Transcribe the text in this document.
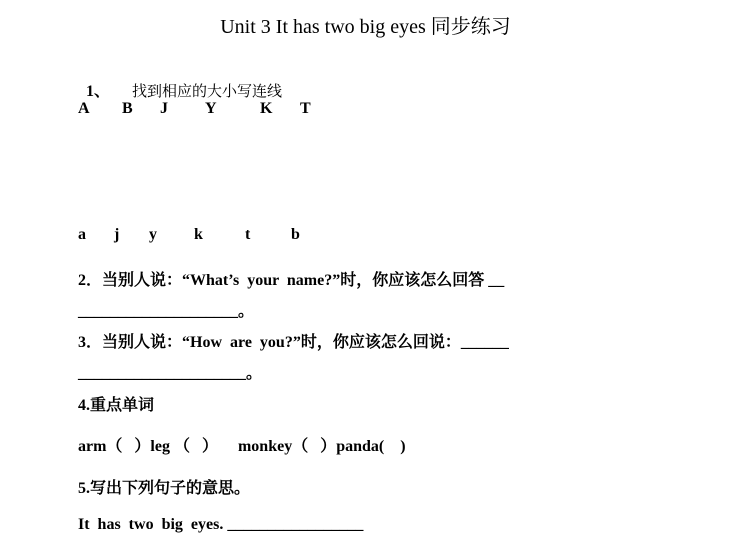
Unit 3 It has two big eyes 同步练习

1、 找到相应的大小写连线

A B J Y	K T
a j y k	t	b
2．当别人说：“What’s  your  name?”时，你应该怎么回答 __
____________________。
3．当别人说：“How  are  you?”时，你应该怎么回说：______
_____________________。
4.重点单词
arm（   ）leg （   ）     monkey（   ）panda(    )
5.写出下列句子的意思。
It  has  two  big  eyes. _________________
